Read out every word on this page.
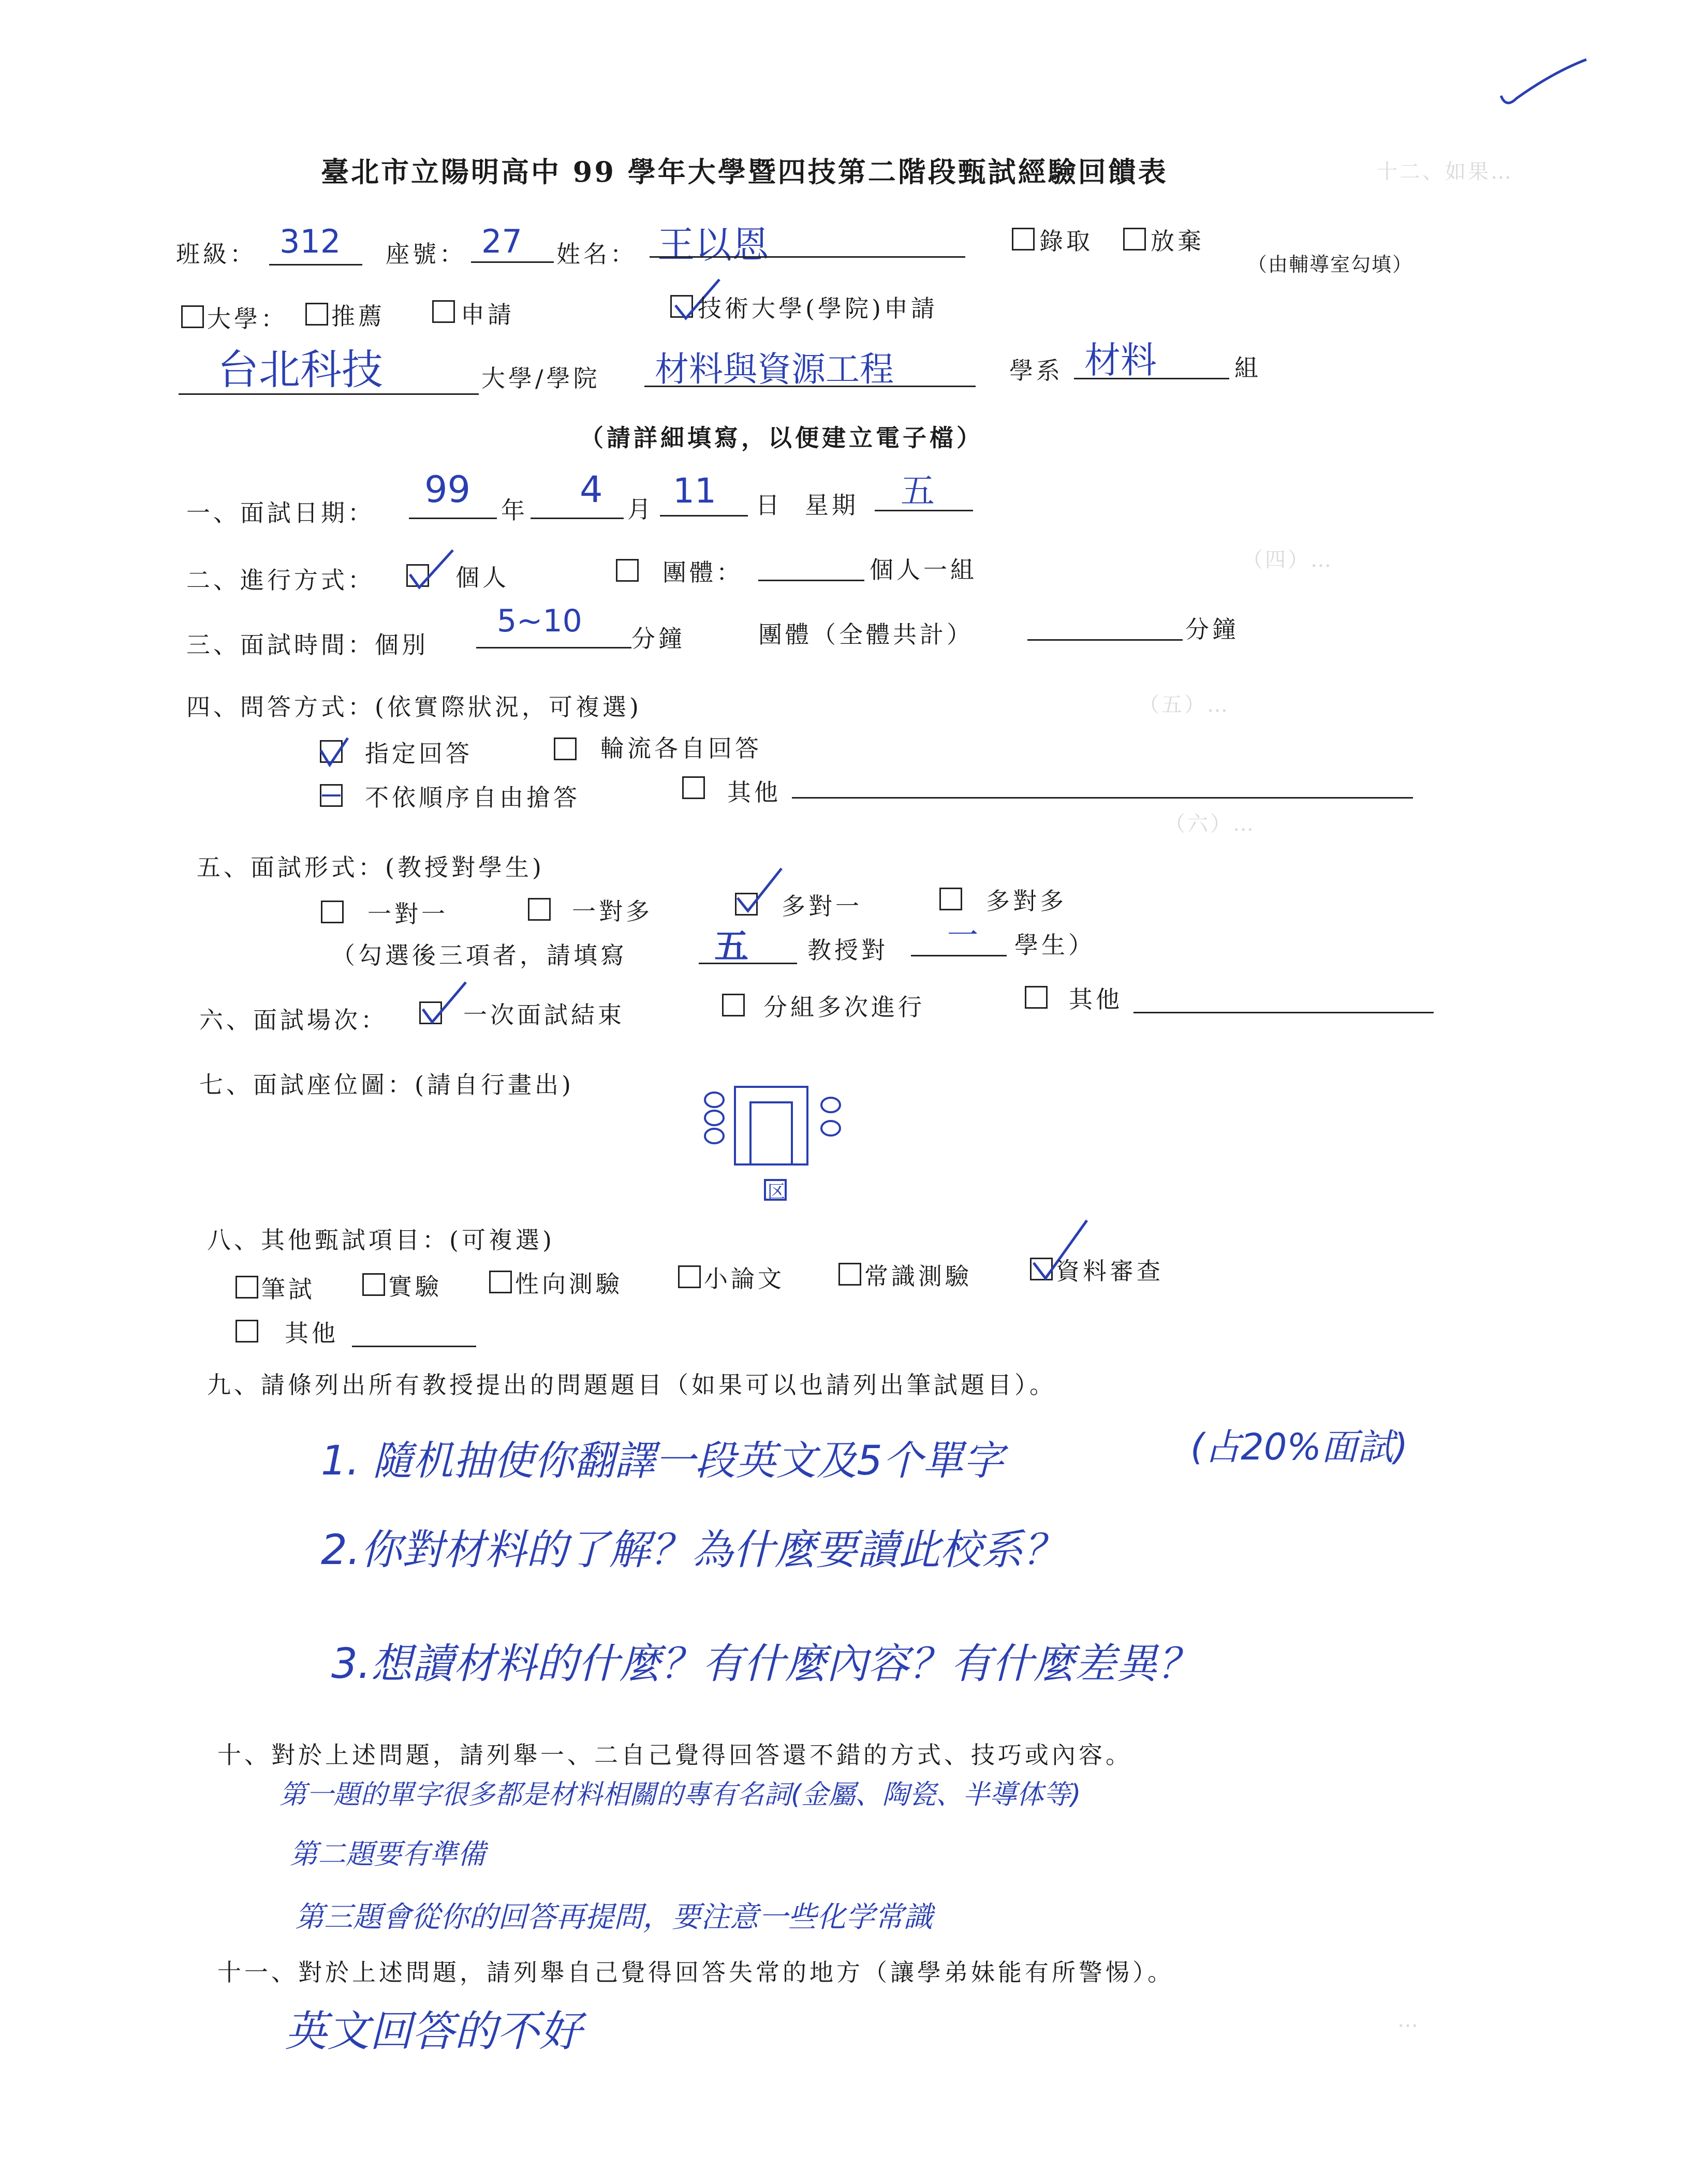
十二、如果…
（四）…
（五）…
（六）…
…
臺北市立陽明高中 99 學年大學暨四技第二階段甄試經驗回饋表
班級： 312 座號： 27 姓名： 王以恩	錄取 放棄
（由輔導室勾填）
大學： 推薦	申請	技術大學(學院)申請
台北科技	大學/學院 材料與資源工程	學系 材料	組
（請詳細填寫，以便建立電子檔）
一、面試日期：
99 年 4 月 11 日 星期 五
二、進行方式：	個人	團體：	個人一組
三、面試時間：個別
5~10 分鐘	團體（全體共計）	分鐘
四、問答方式：(依實際狀況，可複選)
指定回答	輪流各自回答
不依順序自由搶答	其他
五、面試形式：(教授對學生)
一對一	一對多	多對一	多對多
（勾選後三項者，請填寫	五 教授對 一 學生）
六、面試場次：	一次面試結束	分組多次進行	其他
七、面試座位圖：(請自行畫出)
区
八、其他甄試項目：(可複選)
筆試	實驗	性向測驗	小論文	常識測驗	資料審查
其他
九、請條列出所有教授提出的問題題目（如果可以也請列出筆試題目）。
1. 隨机抽使你翻譯一段英文及5个單字	(占20%面試)
2.你對材料的了解？為什麼要讀此校系？
3.想讀材料的什麼？有什麼內容？有什麼差異？
十、對於上述問題，請列舉一、二自己覺得回答還不錯的方式、技巧或內容。
第一題的單字很多都是材料相關的專有名詞(金屬、陶瓷、半導体等)
第二題要有準備
第三題會從你的回答再提問，要注意一些化学常識
十一、對於上述問題，請列舉自己覺得回答失常的地方（讓學弟妹能有所警惕）。
英文回答的不好
